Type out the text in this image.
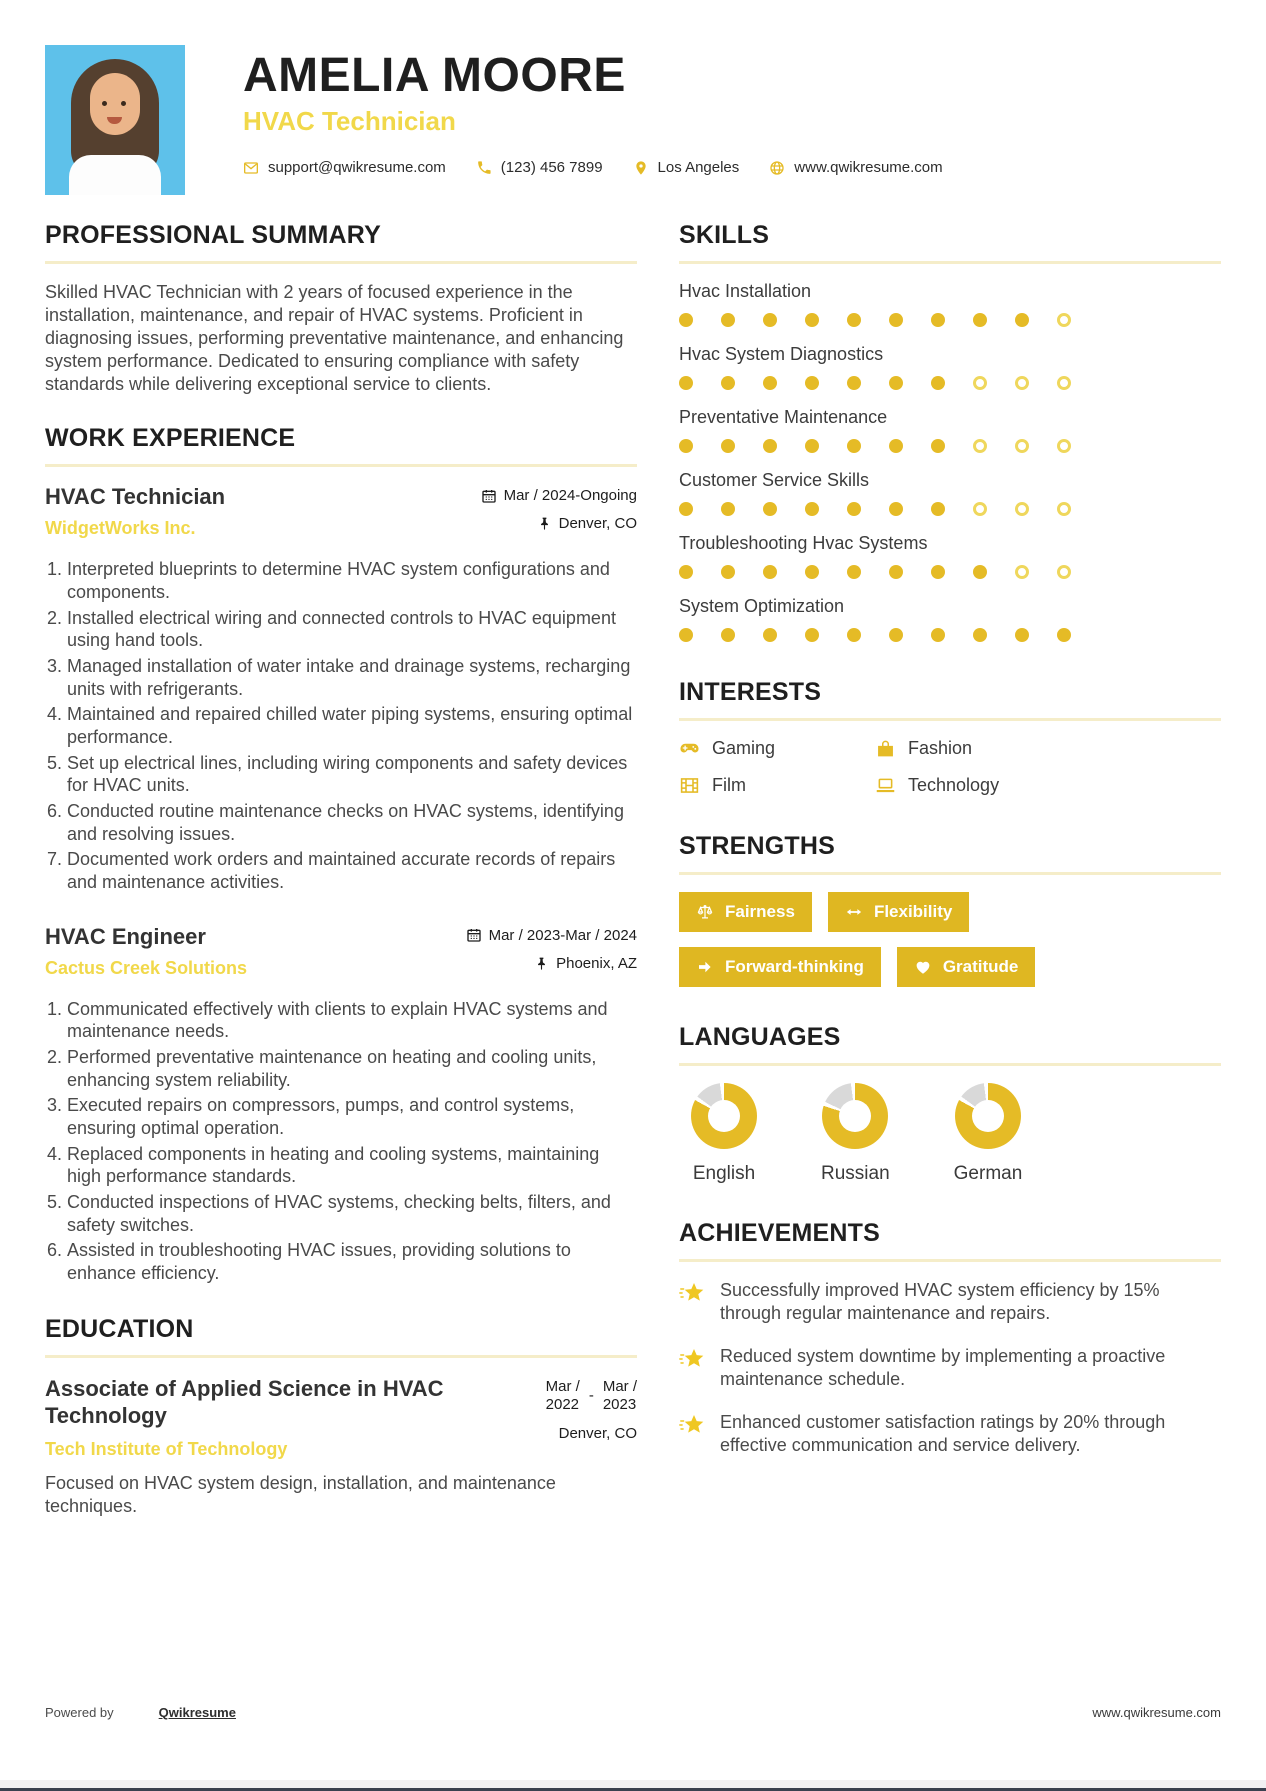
AMELIA MOORE
HVAC Technician
support@qwikresume.com	(123) 456 7899	Los Angeles	www.qwikresume.com
PROFESSIONAL SUMMARY
Skilled HVAC Technician with 2 years of focused experience in the installation, maintenance, and repair of HVAC systems. Proficient in diagnosing issues, performing preventative maintenance, and enhancing system performance. Dedicated to ensuring compliance with safety standards while delivering exceptional service to clients.
WORK EXPERIENCE
HVAC Technician
WidgetWorks Inc.
Mar / 2024-Ongoing
Denver, CO
1. Interpreted blueprints to determine HVAC system configurations and components.
2. Installed electrical wiring and connected controls to HVAC equipment using hand tools.
3. Managed installation of water intake and drainage systems, recharging units with refrigerants.
4. Maintained and repaired chilled water piping systems, ensuring optimal performance.
5. Set up electrical lines, including wiring components and safety devices for HVAC units.
6. Conducted routine maintenance checks on HVAC systems, identifying and resolving issues.
7. Documented work orders and maintained accurate records of repairs and maintenance activities.
HVAC Engineer
Cactus Creek Solutions
Mar / 2023-Mar / 2024
Phoenix, AZ
1. Communicated effectively with clients to explain HVAC systems and maintenance needs.
2. Performed preventative maintenance on heating and cooling units, enhancing system reliability.
3. Executed repairs on compressors, pumps, and control systems, ensuring optimal operation.
4. Replaced components in heating and cooling systems, maintaining high performance standards.
5. Conducted inspections of HVAC systems, checking belts, filters, and safety switches.
6. Assisted in troubleshooting HVAC issues, providing solutions to enhance efficiency.
EDUCATION
Associate of Applied Science in HVAC Technology
Tech Institute of Technology
Mar /
2022 -
Mar /
2023
Denver, CO
Focused on HVAC system design, installation, and maintenance techniques.
SKILLS
Hvac Installation
Hvac System Diagnostics
Preventative Maintenance
Customer Service Skills
Troubleshooting Hvac Systems
System Optimization
INTERESTS
Gaming	Fashion
Film	Technology
STRENGTHS
Fairness	Flexibility
Forward-thinking	Gratitude
LANGUAGES
English	Russian	German
ACHIEVEMENTS
Successfully improved HVAC system efficiency by 15% through regular maintenance and repairs.
Reduced system downtime by implementing a proactive maintenance schedule.
Enhanced customer satisfaction ratings by 20% through effective communication and service delivery.
Powered by	Qwikresume	www.qwikresume.com
